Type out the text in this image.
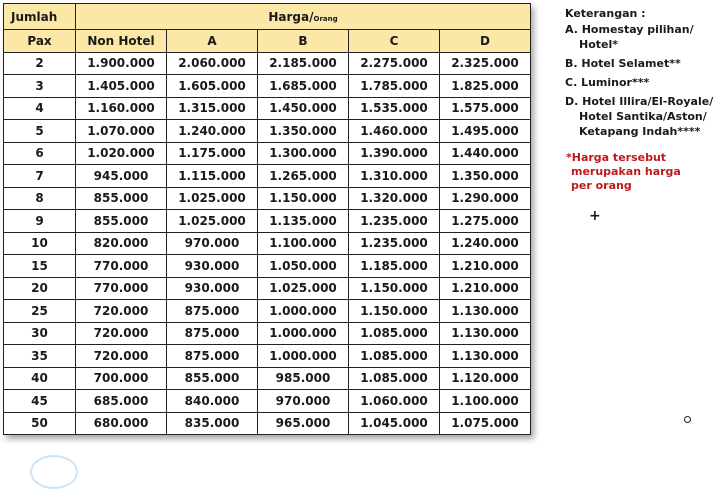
Jumlah	Harga/Orang				
Pax	Non Hotel	A	B	C	D
2	1.900.000	2.060.000	2.185.000	2.275.000	2.325.000
3	1.405.000	1.605.000	1.685.000	1.785.000	1.825.000
4	1.160.000	1.315.000	1.450.000	1.535.000	1.575.000
5	1.070.000	1.240.000	1.350.000	1.460.000	1.495.000
6	1.020.000	1.175.000	1.300.000	1.390.000	1.440.000
7	945.000	1.115.000	1.265.000	1.310.000	1.350.000
8	855.000	1.025.000	1.150.000	1.320.000	1.290.000
9	855.000	1.025.000	1.135.000	1.235.000	1.275.000
10	820.000	970.000	1.100.000	1.235.000	1.240.000
15	770.000	930.000	1.050.000	1.185.000	1.210.000
20	770.000	930.000	1.025.000	1.150.000	1.210.000
25	720.000	875.000	1.000.000	1.150.000	1.130.000
30	720.000	875.000	1.000.000	1.085.000	1.130.000
35	720.000	875.000	1.000.000	1.085.000	1.130.000
40	700.000	855.000	985.000	1.085.000	1.120.000
45	685.000	840.000	970.000	1.060.000	1.100.000
50	680.000	835.000	965.000	1.045.000	1.075.000
Keterangan :
A. Homestay pilihan/
Hotel*
B. Hotel Selamet**
C. Luminor***
D. Hotel Illira/El-Royale/
Hotel Santika/Aston/
Ketapang Indah****
*Harga tersebut
merupakan harga
per orang
+
